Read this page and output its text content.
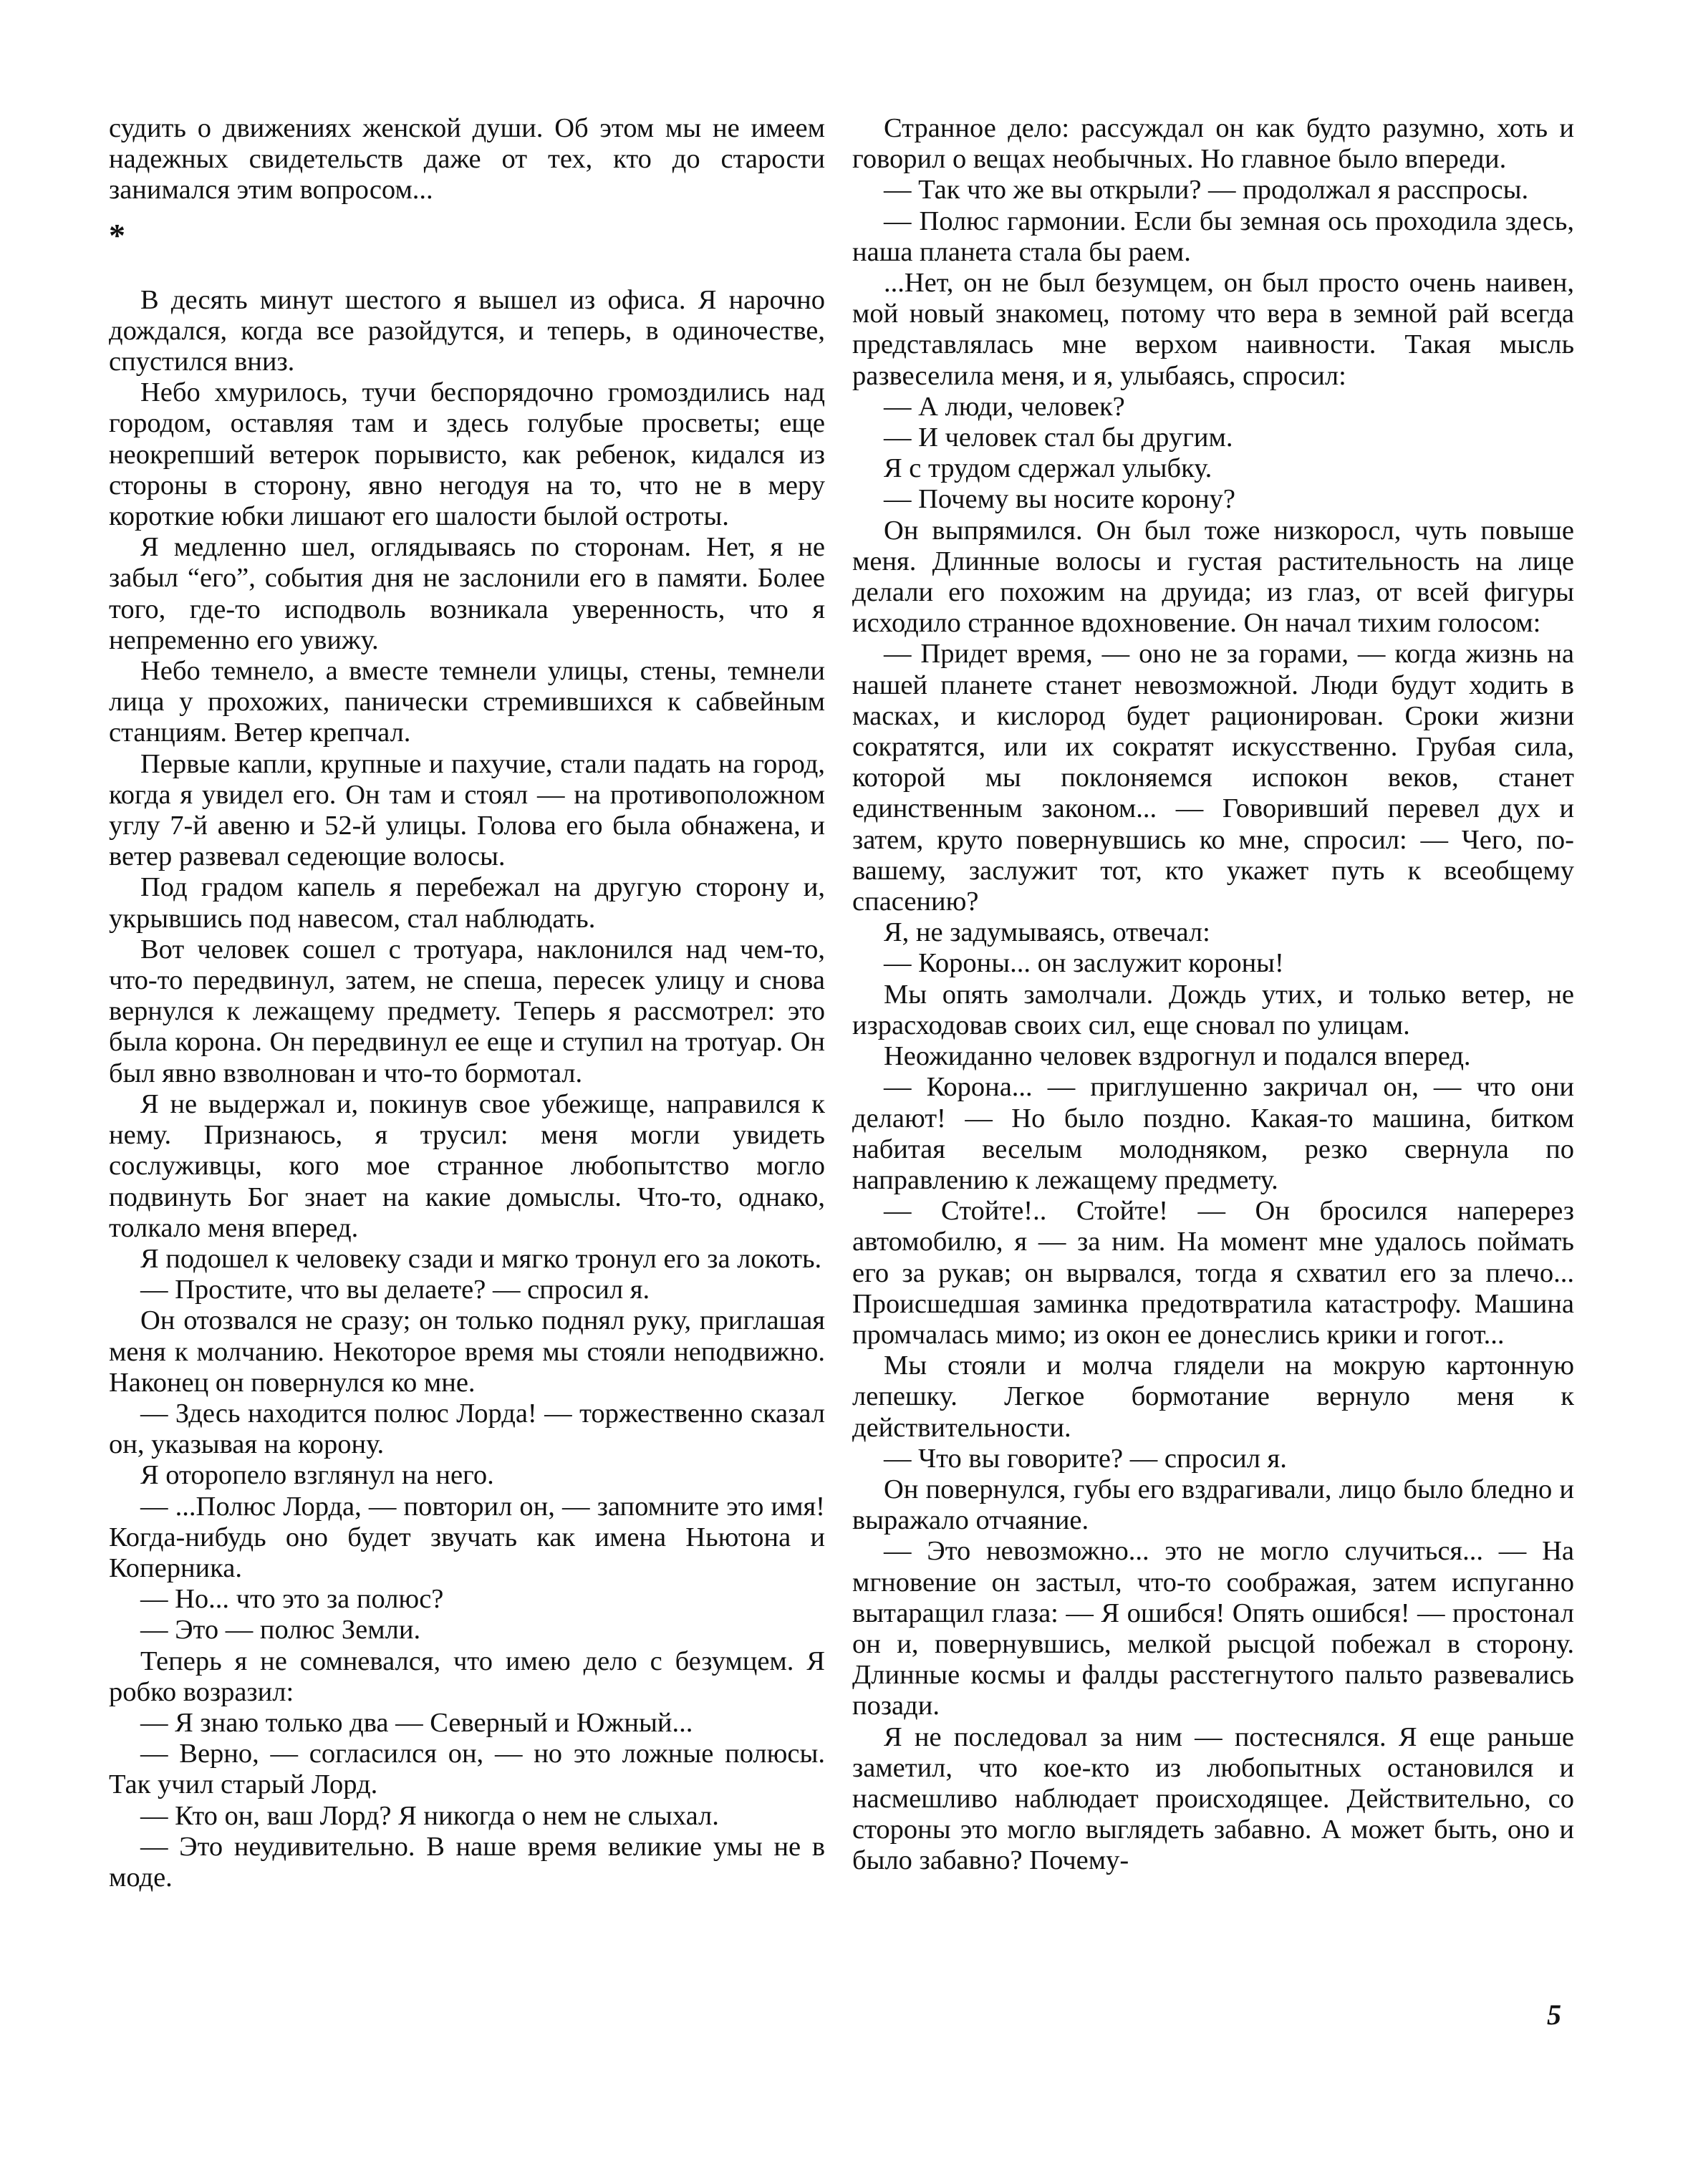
судить о движениях женской души. Об этом мы не имеем надежных свидетельств даже от тех, кто до старости занимался этим вопросом...

*

В десять минут шестого я вышел из офиса. Я нарочно дождался, когда все разойдутся, и теперь, в одиночестве, спустился вниз.

Небо хмурилось, тучи беспорядочно громоздились над городом, оставляя там и здесь голубые просветы; еще неокрепший ветерок порывисто, как ребенок, кидался из стороны в сторону, явно негодуя на то, что не в меру короткие юбки лишают его шалости былой остроты.

Я медленно шел, оглядываясь по сторонам. Нет, я не забыл “его”, события дня не заслонили его в памяти. Более того, где-то исподволь возникала уверенность, что я непременно его увижу.

Небо темнело, а вместе темнели улицы, стены, темнели лица у прохожих, панически стремившихся к сабвейным станциям. Ветер крепчал.

Первые капли, крупные и пахучие, стали падать на город, когда я увидел его. Он там и стоял — на противоположном углу 7-й авеню и 52-й улицы. Голова его была обнажена, и ветер развевал седеющие волосы.

Под градом капель я перебежал на другую сторону и, укрывшись под навесом, стал наблюдать.

Вот человек сошел с тротуара, наклонился над чем-то, что-то передвинул, затем, не спеша, пересек улицу и снова вернулся к лежащему предмету. Теперь я рассмотрел: это была корона. Он передвинул ее еще и ступил на тротуар. Он был явно взволнован и что-то бормотал.

Я не выдержал и, покинув свое убежище, направился к нему. Признаюсь, я трусил: меня могли увидеть сослуживцы, кого мое странное любопытство могло подвинуть Бог знает на какие домыслы. Что-то, однако, толкало меня вперед.

Я подошел к человеку сзади и мягко тронул его за локоть.

— Простите, что вы делаете? — спросил я.

Он отозвался не сразу; он только поднял руку, приглашая меня к молчанию. Некоторое время мы стояли неподвижно. Наконец он повернулся ко мне.

— Здесь находится полюс Лорда! — торжественно сказал он, указывая на корону.

Я оторопело взглянул на него.

— ...Полюс Лорда, — повторил он, — запомните это имя! Когда-нибудь оно будет звучать как имена Ньютона и Коперника.

— Но... что это за полюс?

— Это — полюс Земли.

Теперь я не сомневался, что имею дело с безумцем. Я робко возразил:

— Я знаю только два — Северный и Южный...

— Верно, — согласился он, — но это ложные полюсы. Так учил старый Лорд.

— Кто он, ваш Лорд? Я никогда о нем не слыхал.

— Это неудивительно. В наше время великие умы не в моде.

Странное дело: рассуждал он как будто разумно, хоть и говорил о вещах необычных. Но главное было впереди.

— Так что же вы открыли? — продолжал я расспросы.

— Полюс гармонии. Если бы земная ось проходила здесь, наша планета стала бы раем.

...Нет, он не был безумцем, он был просто очень наивен, мой новый знакомец, потому что вера в земной рай всегда представлялась мне верхом наивности. Такая мысль развеселила меня, и я, улыбаясь, спросил:

— А люди, человек?

— И человек стал бы другим.

Я с трудом сдержал улыбку.

— Почему вы носите корону?

Он выпрямился. Он был тоже низкоросл, чуть повыше меня. Длинные волосы и густая растительность на лице делали его похожим на друида; из глаз, от всей фигуры исходило странное вдохновение. Он начал тихим голосом:

— Придет время, — оно не за горами, — когда жизнь на нашей планете станет невозможной. Люди будут ходить в масках, и кислород будет рационирован. Сроки жизни сократятся, или их сократят искусственно. Грубая сила, которой мы поклоняемся испокон веков, станет единственным законом... — Говоривший перевел дух и затем, круто повернувшись ко мне, спросил: — Чего, по-вашему, заслужит тот, кто укажет путь к всеобщему спасению?

Я, не задумываясь, отвечал:

— Короны... он заслужит короны!

Мы опять замолчали. Дождь утих, и только ветер, не израсходовав своих сил, еще сновал по улицам.

Неожиданно человек вздрогнул и подался вперед.

— Корона... — приглушенно закричал он, — что они делают! — Но было поздно. Какая-то машина, битком набитая веселым молодняком, резко свернула по направлению к лежащему предмету.

— Стойте!.. Стойте! — Он бросился наперерез автомобилю, я — за ним. На момент мне удалось поймать его за рукав; он вырвался, тогда я схватил его за плечо... Происшедшая заминка предотвратила катастрофу. Машина промчалась мимо; из окон ее донеслись крики и гогот...

Мы стояли и молча глядели на мокрую картонную лепешку. Легкое бормотание вернуло меня к действительности.

— Что вы говорите? — спросил я.

Он повернулся, губы его вздрагивали, лицо было бледно и выражало отчаяние.

— Это невозможно... это не могло случиться... — На мгновение он застыл, что-то соображая, затем испуганно вытаращил глаза: — Я ошибся! Опять ошибся! — простонал он и, повернувшись, мелкой рысцой побежал в сторону. Длинные космы и фалды расстегнутого пальто развевались позади.

Я не последовал за ним — постеснялся. Я еще раньше заметил, что кое-кто из любопытных остановился и насмешливо наблюдает происходящее. Действительно, со стороны это могло выглядеть забавно. А может быть, оно и было забавно? Почему-

5
